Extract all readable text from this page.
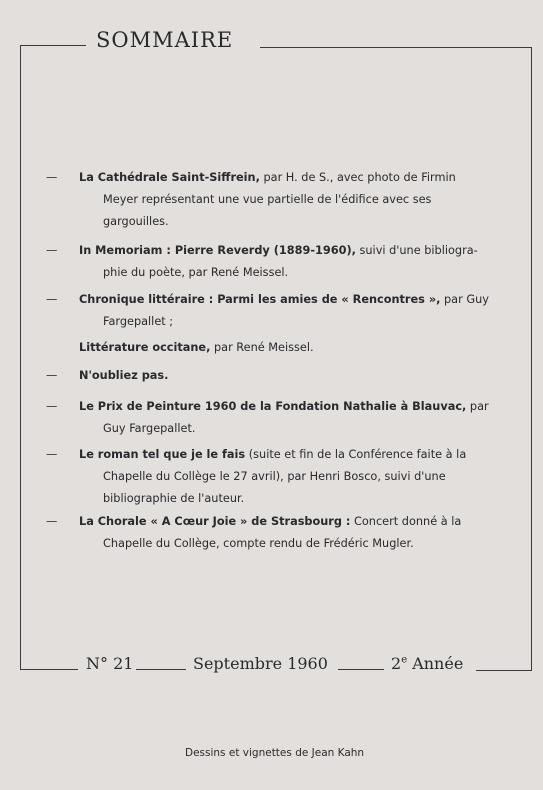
SOMMAIRE
— La Cathédrale Saint-Siffrein, par H. de S., avec photo de Firmin
Meyer représentant une vue partielle de l'édifice avec ses
gargouilles.
— In Memoriam : Pierre Reverdy (1889-1960), suivi d'une bibliogra-
phie du poète, par René Meissel.
— Chronique littéraire : Parmi les amies de « Rencontres », par Guy
Fargepallet ;
Littérature occitane, par René Meissel.
— N'oubliez pas.
— Le Prix de Peinture 1960 de la Fondation Nathalie à Blauvac, par
Guy Fargepallet.
— Le roman tel que je le fais (suite et fin de la Conférence faite à la
Chapelle du Collège le 27 avril), par Henri Bosco, suivi d'une
bibliographie de l'auteur.
— La Chorale « A Cœur Joie » de Strasbourg : Concert donné à la
Chapelle du Collège, compte rendu de Frédéric Mugler.
N° 21	Septembre 1960	2e Année
Dessins et vignettes de Jean Kahn
